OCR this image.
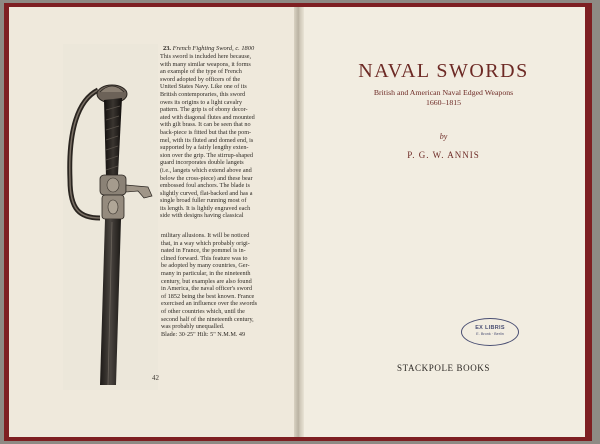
23. French Fighting Sword, c. 1800
This sword is included here because,
with many similar weapons, it forms
an example of the type of French
sword adopted by officers of the
United States Navy. Like one of its
British contemporaries, this sword
owes its origins to a light cavalry
pattern. The grip is of ebony decor-
ated with diagonal flutes and mounted
with gilt brass. It can be seen that no
back-piece is fitted but that the pom-
mel, with its fluted and domed end, is
supported by a fairly lengthy exten-
sion over the grip. The stirrup-shaped
guard incorporates double langets
(i.e., langets which extend above and
below the cross-piece) and these bear
embossed foul anchors. The blade is
slightly curved, flat-backed and has a
single broad fuller running most of
its length. It is lightly engraved each
side with designs having classical
military allusions. It will be noticed
that, in a way which probably origi-
nated in France, the pommel is in-
clined forward. This feature was to
be adopted by many countries, Ger-
many in particular, in the nineteenth
century, but examples are also found
in America, the naval officer's sword
of 1852 being the best known. France
exercised an influence over the swords
of other countries which, until the
second half of the nineteenth century,
was probably unequalled.
Blade: 30·25" Hilt: 5" N.M.M. 49
42
NAVAL SWORDS
British and American Naval Edged Weapons
1660–1815
by
P. G. W. ANNIS
EX LIBRIS
E. Bronk · Berlin
STACKPOLE BOOKS
